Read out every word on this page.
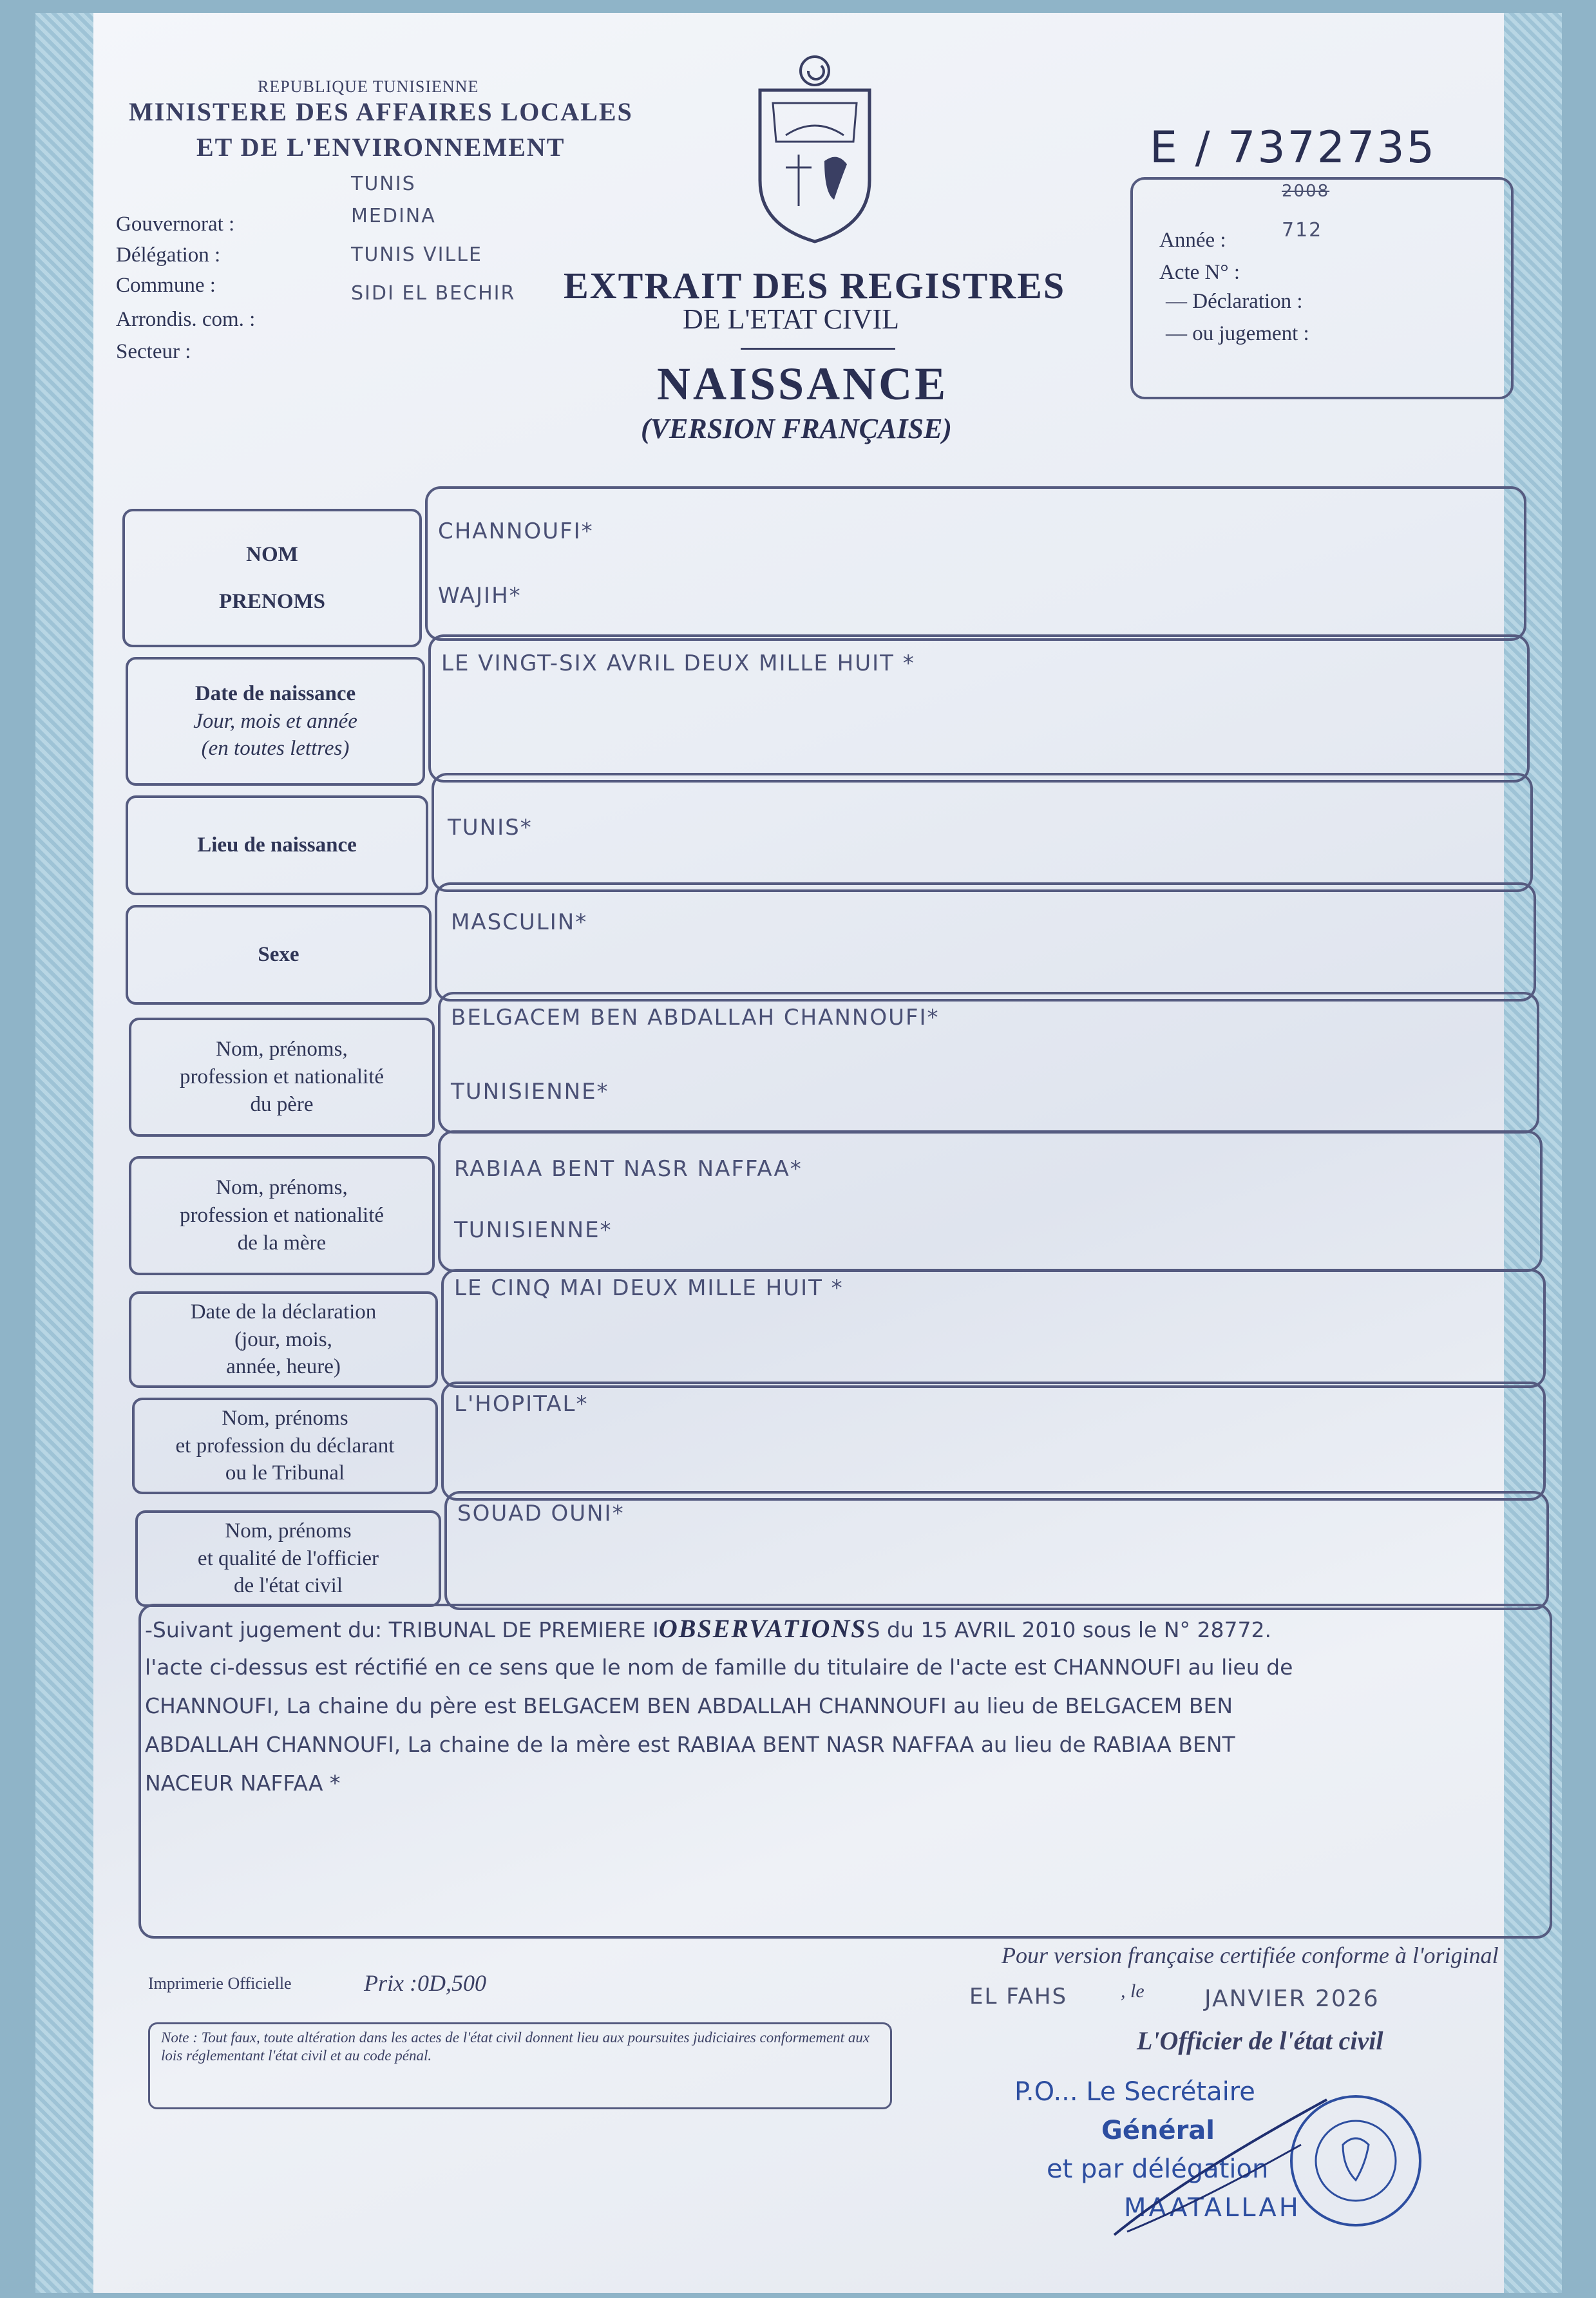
REPUBLIQUE TUNISIENNE
MINISTERE DES AFFAIRES LOCALES
ET DE L'ENVIRONNEMENT
Gouvernorat :
TUNIS
Délégation :
MEDINA
Commune :
TUNIS VILLE
Arrondis. com. :
SIDI EL BECHIR
Secteur :
EXTRAIT DES REGISTRES
DE L'ETAT CIVIL
NAISSANCE
(VERSION FRANÇAISE)
E / 7372735
2008
Année :	712
Acte N° :
— Déclaration :
— ou jugement :
NOM
PRENOMS
CHANNOUFI*
WAJIH*
Date de naissance
Jour, mois et année
(en toutes lettres)
LE VINGT-SIX AVRIL DEUX MILLE HUIT *
Lieu de naissance
TUNIS*
Sexe
MASCULIN*
Nom, prénoms,
profession et nationalité
du père
BELGACEM BEN ABDALLAH CHANNOUFI*
TUNISIENNE*
Nom, prénoms,
profession et nationalité
de la mère
RABIAA BENT NASR NAFFAA*
TUNISIENNE*
Date de la déclaration
(jour, mois,
année, heure)
LE CINQ MAI DEUX MILLE HUIT *
Nom, prénoms
et profession du déclarant
ou le Tribunal
L'HOPITAL*
Nom, prénoms
et qualité de l'officier
de l'état civil
SOUAD OUNI*
-Suivant jugement du: TRIBUNAL DE PREMIERE IOBSERVATIONSS du 15 AVRIL 2010 sous le N° 28772.
l'acte ci-dessus est réctifié en ce sens que le nom de famille du titulaire de l'acte est CHANNOUFI au lieu de
CHANNOUFI, La chaine du père est BELGACEM BEN ABDALLAH CHANNOUFI au lieu de BELGACEM BEN
ABDALLAH CHANNOUFI, La chaine de la mère est RABIAA BENT NASR NAFFAA au lieu de RABIAA BENT
NACEUR NAFFAA *
Imprimerie Officielle	Prix :0D,500
Pour version française certifiée conforme à l'original
EL FAHS	, le	JANVIER 2026
L'Officier de l'état civil
Note : Tout faux, toute altération dans les actes de l'état civil donnent lieu aux poursuites judiciaires conformement aux lois réglementant l'état civil et au code pénal.
P.O... Le Secrétaire
Général
et par délégation
MAATALLAH
